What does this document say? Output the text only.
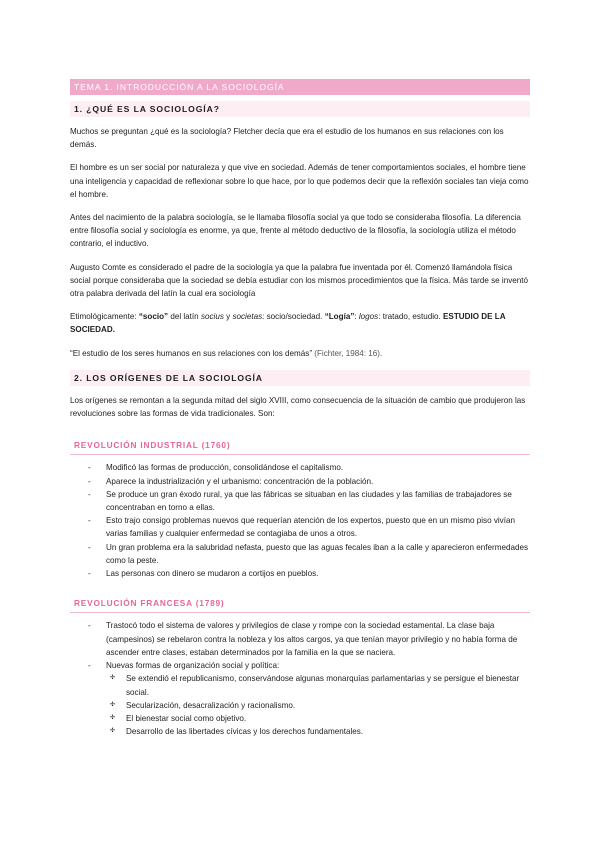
TEMA 1. INTRODUCCIÓN A LA SOCIOLOGÍA
1. ¿QUÉ ES LA SOCIOLOGÍA?

Muchos se preguntan ¿qué es la sociología? Fletcher decía que era el estudio de los humanos en sus relaciones con los demás.

El hombre es un ser social por naturaleza y que vive en sociedad. Además de tener comportamientos sociales, el hombre tiene una inteligencia y capacidad de reflexionar sobre lo que hace, por lo que podemos decir que la reflexión sociales tan vieja como el hombre.

Antes del nacimiento de la palabra sociología, se le llamaba filosofía social ya que todo se consideraba filosofía. La diferencia entre filosofía social y sociología es enorme, ya que, frente al método deductivo de la filosofía, la sociología utiliza el método contrario, el inductivo.

Augusto Comte es considerado el padre de la sociología ya que la palabra fue inventada por él. Comenzó llamándola física social porque consideraba que la sociedad se debía estudiar con los mismos procedimientos que la física. Más tarde se inventó otra palabra derivada del latín la cual era sociología

Etimológicamente: “socio” del latín socius y societas: socio/sociedad. “Logía”: logos: tratado, estudio. ESTUDIO DE LA SOCIEDAD.

“El estudio de los seres humanos en sus relaciones con los demás” (Fichter, 1984: 16).

2. LOS ORÍGENES DE LA SOCIOLOGÍA

Los orígenes se remontan a la segunda mitad del siglo XVIII, como consecuencia de la situación de cambio que produjeron las revoluciones sobre las formas de vida tradicionales. Son:

REVOLUCIÓN INDUSTRIAL (1760)
- Modificó las formas de producción, consolidándose el capitalismo.
- Aparece la industrialización y el urbanismo: concentración de la población.
- Se produce un gran éxodo rural, ya que las fábricas se situaban en las ciudades y las familias de trabajadores se concentraban en torno a ellas.
- Esto trajo consigo problemas nuevos que requerían atención de los expertos, puesto que en un mismo piso vivían varias familias y cualquier enfermedad se contagiaba de unos a otros.
- Un gran problema era la salubridad nefasta, puesto que las aguas fecales iban a la calle y aparecieron enfermedades como la peste.
- Las personas con dinero se mudaron a cortijos en pueblos.
REVOLUCIÓN FRANCESA (1789)
- Trastocó todo el sistema de valores y privilegios de clase y rompe con la sociedad estamental. La clase baja (campesinos) se rebelaron contra la nobleza y los altos cargos, ya que tenían mayor privilegio y no había forma de ascender entre clases, estaban determinados por la familia en la que se naciera.
- Nuevas formas de organización social y política:
✣ Se extendió el republicanismo, conservándose algunas monarquías parlamentarias y se persigue el bienestar social.
✣ Secularización, desacralización y racionalismo.
✣ El bienestar social como objetivo.
✣ Desarrollo de las libertades cívicas y los derechos fundamentales.
